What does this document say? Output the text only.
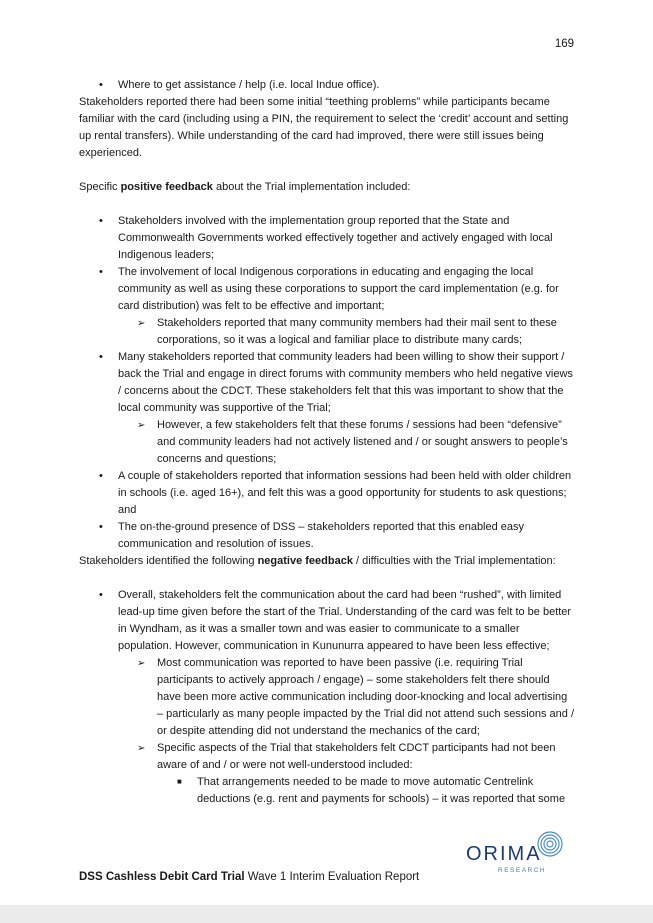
169
• Where to get assistance / help (i.e. local Indue office).

Stakeholders reported there had been some initial “teething problems” while participants became familiar with the card (including using a PIN, the requirement to select the ‘credit’ account and setting up rental transfers). While understanding of the card had improved, there were still issues being experienced.

Specific positive feedback about the Trial implementation included:

• Stakeholders involved with the implementation group reported that the State and Commonwealth Governments worked effectively together and actively engaged with local Indigenous leaders;
• The involvement of local Indigenous corporations in educating and engaging the local community as well as using these corporations to support the card implementation (e.g. for card distribution) was felt to be effective and important;
➢ Stakeholders reported that many community members had their mail sent to these corporations, so it was a logical and familiar place to distribute many cards;
• Many stakeholders reported that community leaders had been willing to show their support / back the Trial and engage in direct forums with community members who held negative views / concerns about the CDCT. These stakeholders felt that this was important to show that the local community was supportive of the Trial;
➢ However, a few stakeholders felt that these forums / sessions had been “defensive” and community leaders had not actively listened and / or sought answers to people’s concerns and questions;
• A couple of stakeholders reported that information sessions had been held with older children in schools (i.e. aged 16+), and felt this was a good opportunity for students to ask questions; and
• The on-the-ground presence of DSS – stakeholders reported that this enabled easy communication and resolution of issues.

Stakeholders identified the following negative feedback / difficulties with the Trial implementation:

• Overall, stakeholders felt the communication about the card had been “rushed”, with limited lead-up time given before the start of the Trial. Understanding of the card was felt to be better in Wyndham, as it was a smaller town and was easier to communicate to a smaller population. However, communication in Kununurra appeared to have been less effective;
➢ Most communication was reported to have been passive (i.e. requiring Trial participants to actively approach / engage) – some stakeholders felt there should have been more active communication including door-knocking and local advertising – particularly as many people impacted by the Trial did not attend such sessions and / or despite attending did not understand the mechanics of the card;
➢ Specific aspects of the Trial that stakeholders felt CDCT participants had not been aware of and / or were not well-understood included:
■ That arrangements needed to be made to move automatic Centrelink deductions (e.g. rent and payments for schools) – it was reported that some
ORIMA
RESEARCH
DSS Cashless Debit Card Trial Wave 1 Interim Evaluation Report
